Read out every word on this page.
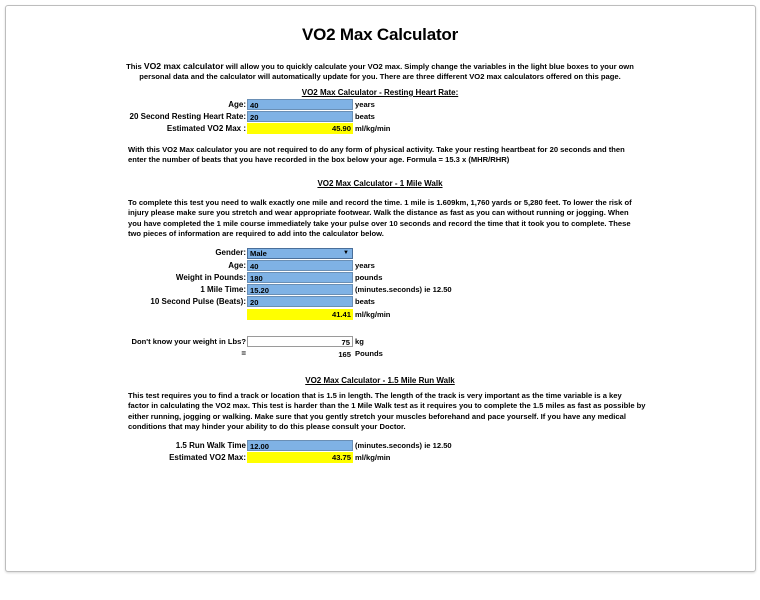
VO2 Max Calculator
This VO2 max calculator will allow you to quickly calculate your VO2 max. Simply change the variables in the light blue boxes to your own
personal data and the calculator will automatically update for you. There are three different VO2 max calculators offered on this page.
VO2 Max Calculator - Resting Heart Rate:
Age: 40	years
20 Second Resting Heart Rate: 20	beats
Estimated VO2 Max :	45.90 ml/kg/min
With this VO2 Max calculator you are not required to do any form of physical activity. Take your resting heartbeat for 20 seconds and then
enter the number of beats that you have recorded in the box below your age. Formula = 15.3 x (MHR/RHR)
VO2 Max Calculator - 1 Mile Walk
To complete this test you need to walk exactly one mile and record the time. 1 mile is 1.609km, 1,760 yards or 5,280 feet. To lower the risk of
injury please make sure you stretch and wear appropriate footwear. Walk the distance as fast as you can without running or jogging. When
you have completed the 1 mile course immediately take your pulse over 10 seconds and record the time that it took you to complete. These
two pieces of information are required to add into the calculator below.
Gender: Male	▼
Age: 40	years
Weight in Pounds: 180	pounds
1 Mile Time: 15.20	(minutes.seconds) ie 12.50
10 Second Pulse (Beats): 20	beats
41.41 ml/kg/min
Don't know your weight in Lbs?	75 kg
=	165 Pounds
VO2 Max Calculator - 1.5 Mile Run Walk
This test requires you to find a track or location that is 1.5 in length. The length of the track is very important as the time variable is a key
factor in calculating the VO2 max. This test is harder than the 1 Mile Walk test as it requires you to complete the 1.5 miles as fast as possible by
either running, jogging or walking. Make sure that you gently stretch your muscles beforehand and pace yourself. If you have any medical
conditions that may hinder your ability to do this please consult your Doctor.
1.5 Run Walk Time 12.00	(minutes.seconds) ie 12.50
Estimated VO2 Max:	43.75 ml/kg/min
